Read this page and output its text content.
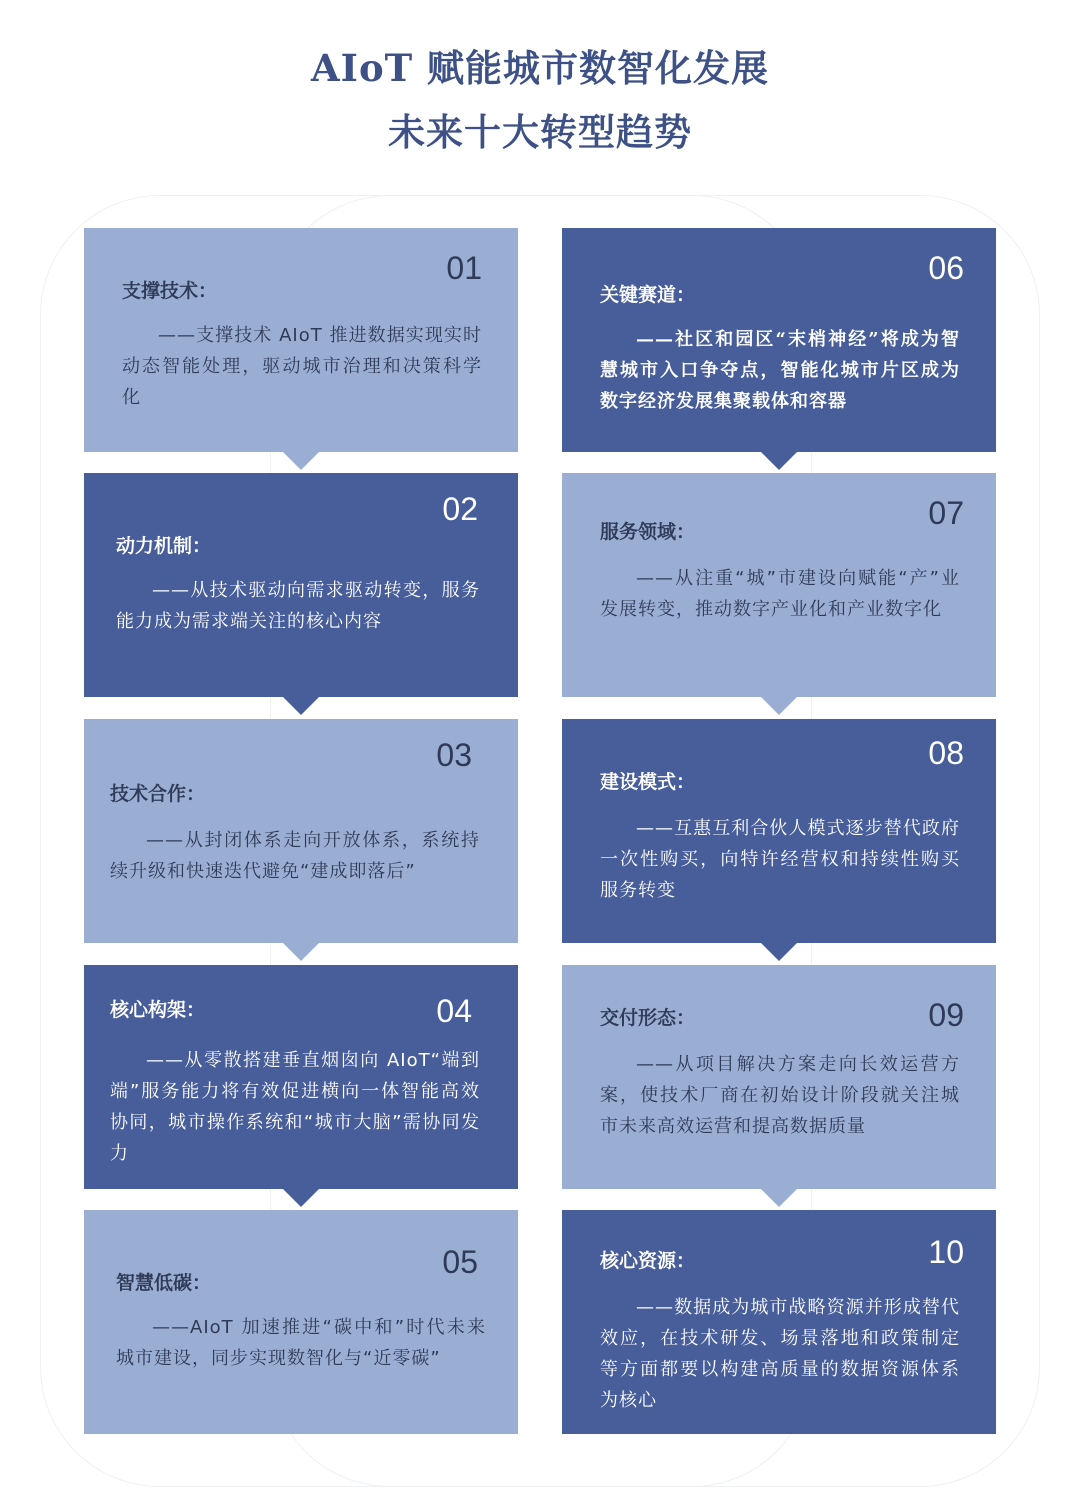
AIoT 赋能城市数智化发展
未来十大转型趋势
01
支撑技术：
——支撑技术 AIoT 推进数据实现实时动态智能处理，驱动城市治理和决策科学化
02
动力机制：
——从技术驱动向需求驱动转变，服务能力成为需求端关注的核心内容
03
技术合作：
——从封闭体系走向开放体系，系统持续升级和快速迭代避免“建成即落后”
04
核心构架：
——从零散搭建垂直烟囱向 AIoT“端到端”服务能力将有效促进横向一体智能高效协同，城市操作系统和“城市大脑”需协同发力
05
智慧低碳：
——AIoT 加速推进“碳中和”时代未来城市建设，同步实现数智化与“近零碳”
06
关键赛道：
——社区和园区“末梢神经”将成为智慧城市入口争夺点，智能化城市片区成为数字经济发展集聚载体和容器
07
服务领域：
——从注重“城”市建设向赋能“产”业发展转变，推动数字产业化和产业数字化
08
建设模式：
——互惠互利合伙人模式逐步替代政府一次性购买，向特许经营权和持续性购买服务转变
09
交付形态：
——从项目解决方案走向长效运营方案，使技术厂商在初始设计阶段就关注城市未来高效运营和提高数据质量
10
核心资源：
——数据成为城市战略资源并形成替代效应，在技术研发、场景落地和政策制定等方面都要以构建高质量的数据资源体系为核心
